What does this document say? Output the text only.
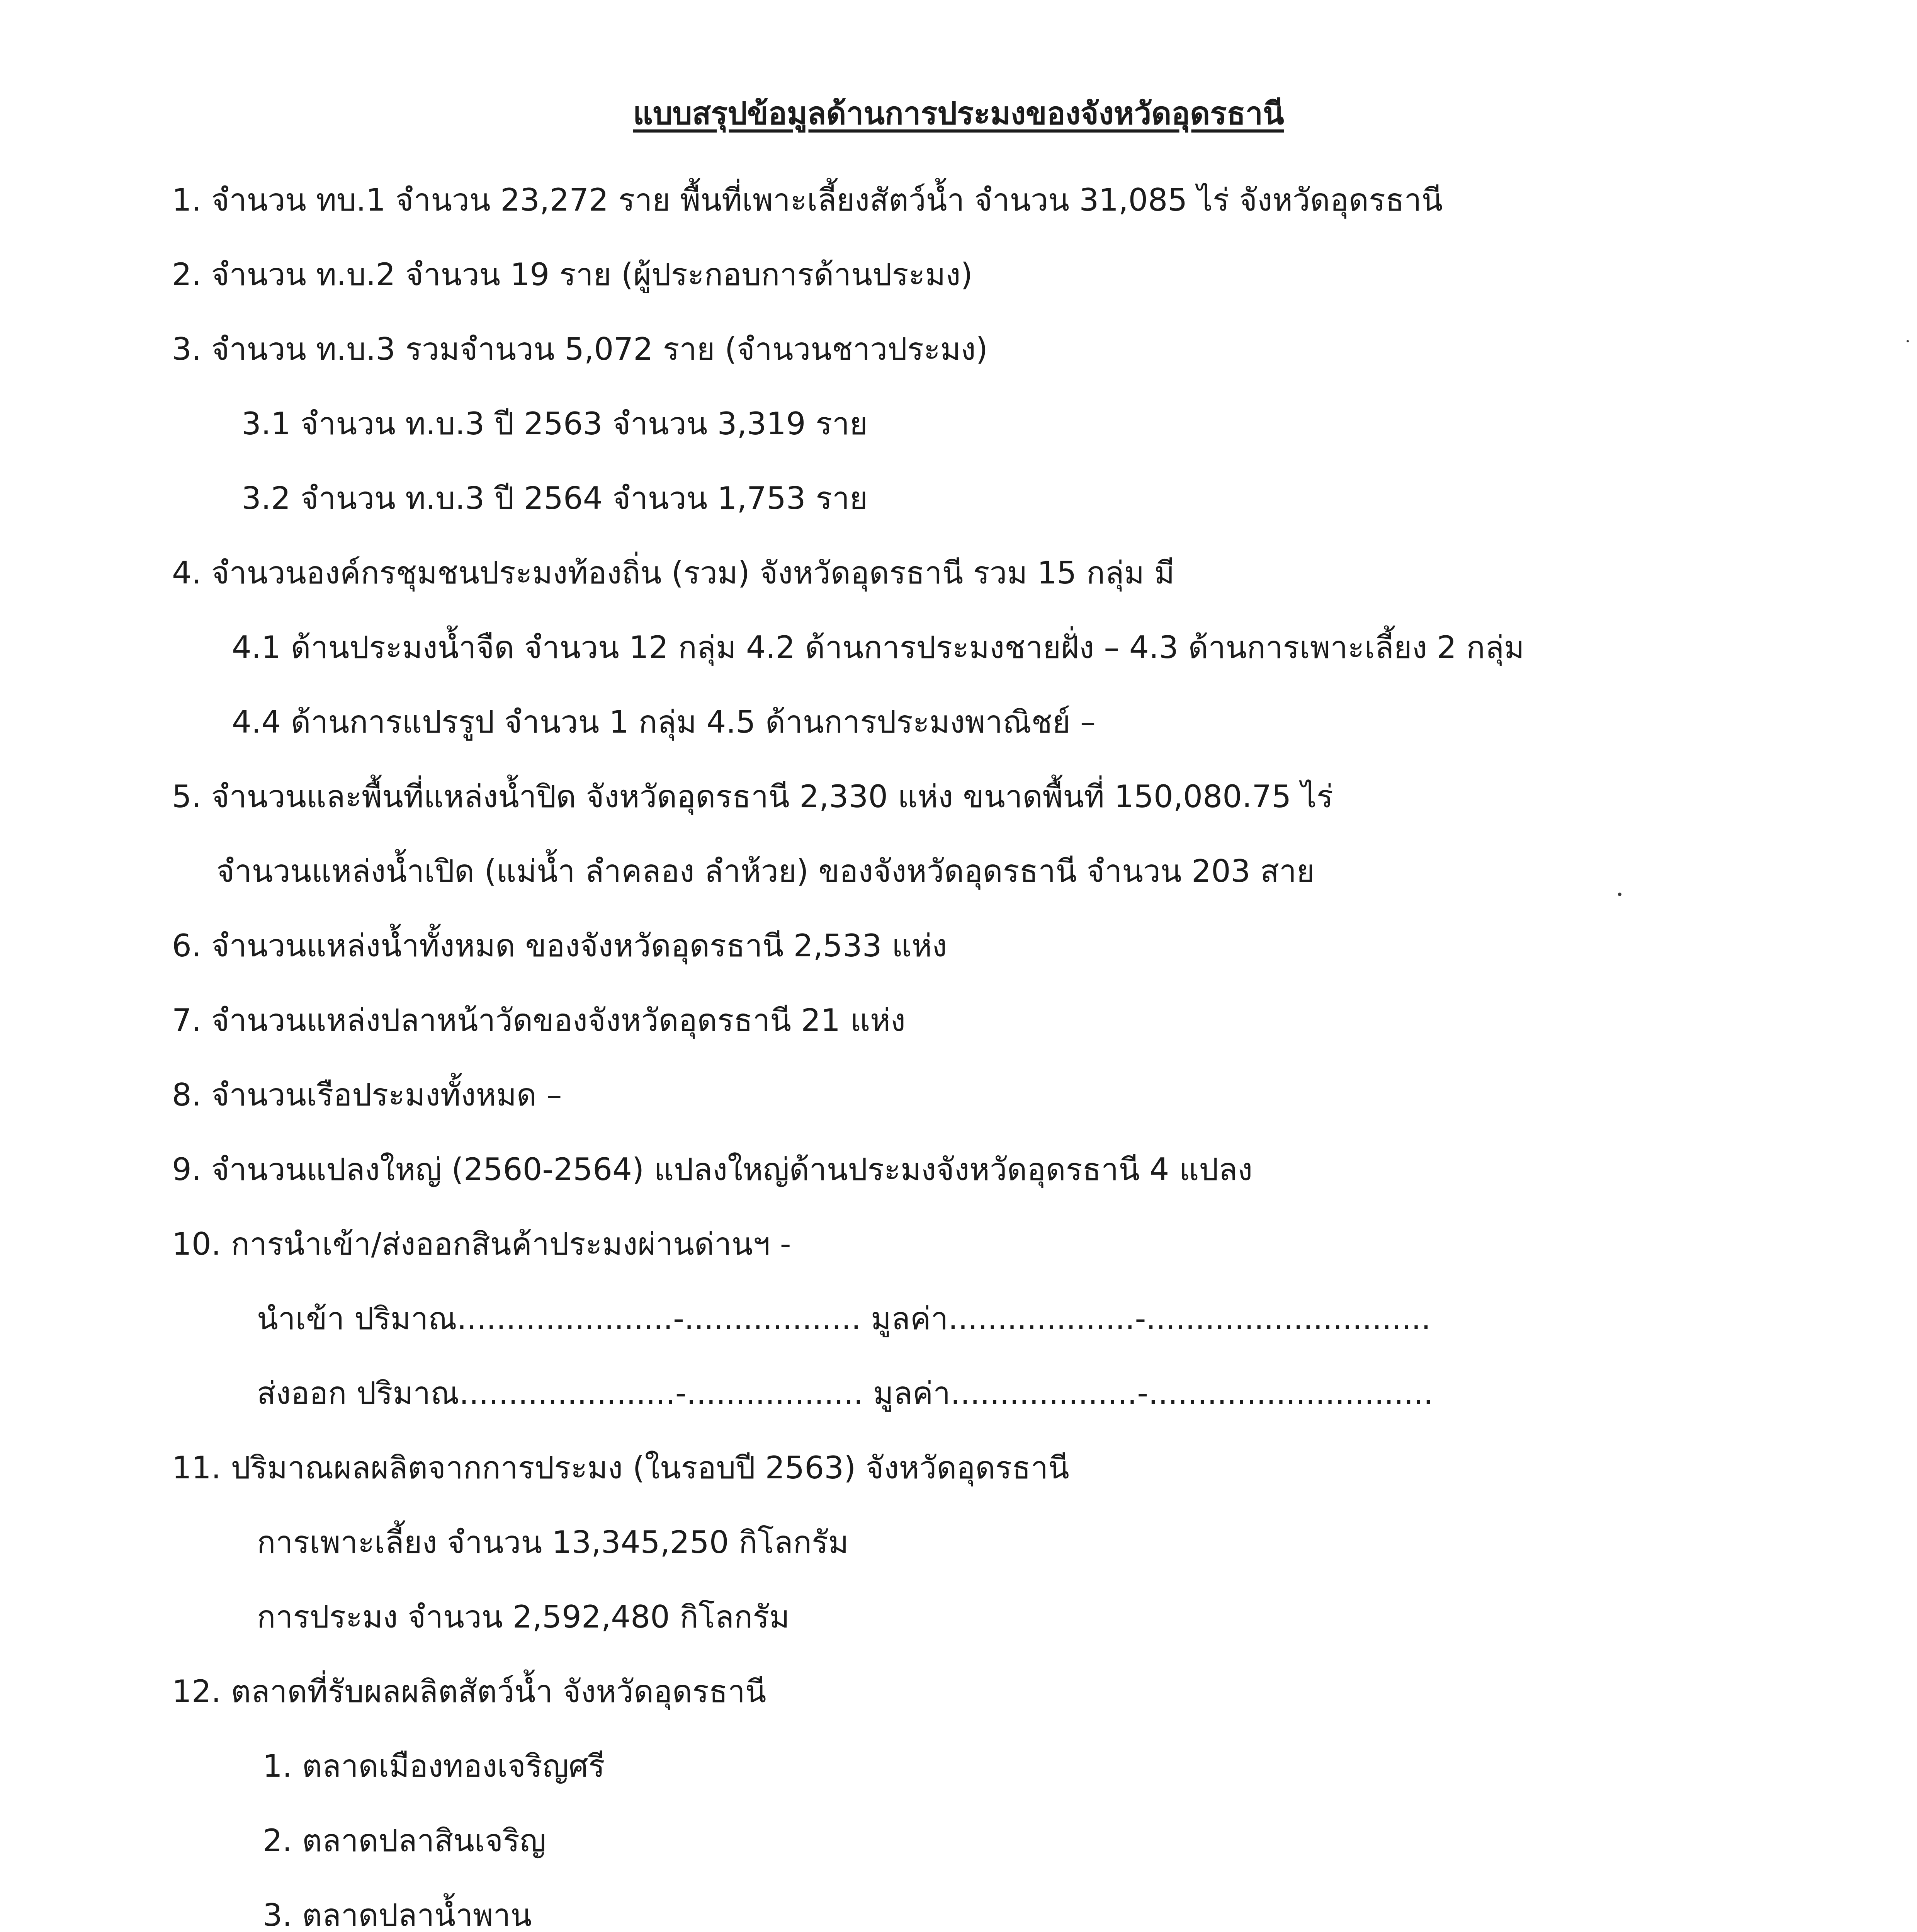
แบบสรุปข้อมูลด้านการประมงของจังหวัดอุดรธานี
1. จำนวน ทบ.1 จำนวน 23,272 ราย พื้นที่เพาะเลี้ยงสัตว์น้ำ จำนวน 31,085 ไร่ จังหวัดอุดรธานี
2. จำนวน ท.บ.2 จำนวน 19 ราย (ผู้ประกอบการด้านประมง)
3. จำนวน ท.บ.3 รวมจำนวน 5,072 ราย (จำนวนชาวประมง)
3.1 จำนวน ท.บ.3 ปี 2563 จำนวน 3,319 ราย
3.2 จำนวน ท.บ.3 ปี 2564 จำนวน 1,753 ราย
4. จำนวนองค์กรชุมชนประมงท้องถิ่น (รวม) จังหวัดอุดรธานี รวม 15 กลุ่ม มี
4.1 ด้านประมงน้ำจืด จำนวน 12 กลุ่ม 4.2 ด้านการประมงชายฝั่ง – 4.3 ด้านการเพาะเลี้ยง 2 กลุ่ม
4.4 ด้านการแปรรูป จำนวน 1 กลุ่ม 4.5 ด้านการประมงพาณิชย์ –
5. จำนวนและพื้นที่แหล่งน้ำปิด จังหวัดอุดรธานี 2,330 แห่ง ขนาดพื้นที่ 150,080.75 ไร่
จำนวนแหล่งน้ำเปิด (แม่น้ำ ลำคลอง ลำห้วย) ของจังหวัดอุดรธานี จำนวน 203 สาย
6. จำนวนแหล่งน้ำทั้งหมด ของจังหวัดอุดรธานี 2,533 แห่ง
7. จำนวนแหล่งปลาหน้าวัดของจังหวัดอุดรธานี 21 แห่ง
8. จำนวนเรือประมงทั้งหมด –
9. จำนวนแปลงใหญ่ (2560-2564) แปลงใหญ่ด้านประมงจังหวัดอุดรธานี 4 แปลง
10. การนำเข้า/ส่งออกสินค้าประมงผ่านด่านฯ -
นำเข้า ปริมาณ......................-.................. มูลค่า...................-.............................
ส่งออก ปริมาณ......................-.................. มูลค่า...................-.............................
11. ปริมาณผลผลิตจากการประมง (ในรอบปี 2563) จังหวัดอุดรธานี
การเพาะเลี้ยง จำนวน 13,345,250 กิโลกรัม
การประมง จำนวน 2,592,480 กิโลกรัม
12. ตลาดที่รับผลผลิตสัตว์น้ำ จังหวัดอุดรธานี
1. ตลาดเมืองทองเจริญศรี
2. ตลาดปลาสินเจริญ
3. ตลาดปลาน้ำพาน
